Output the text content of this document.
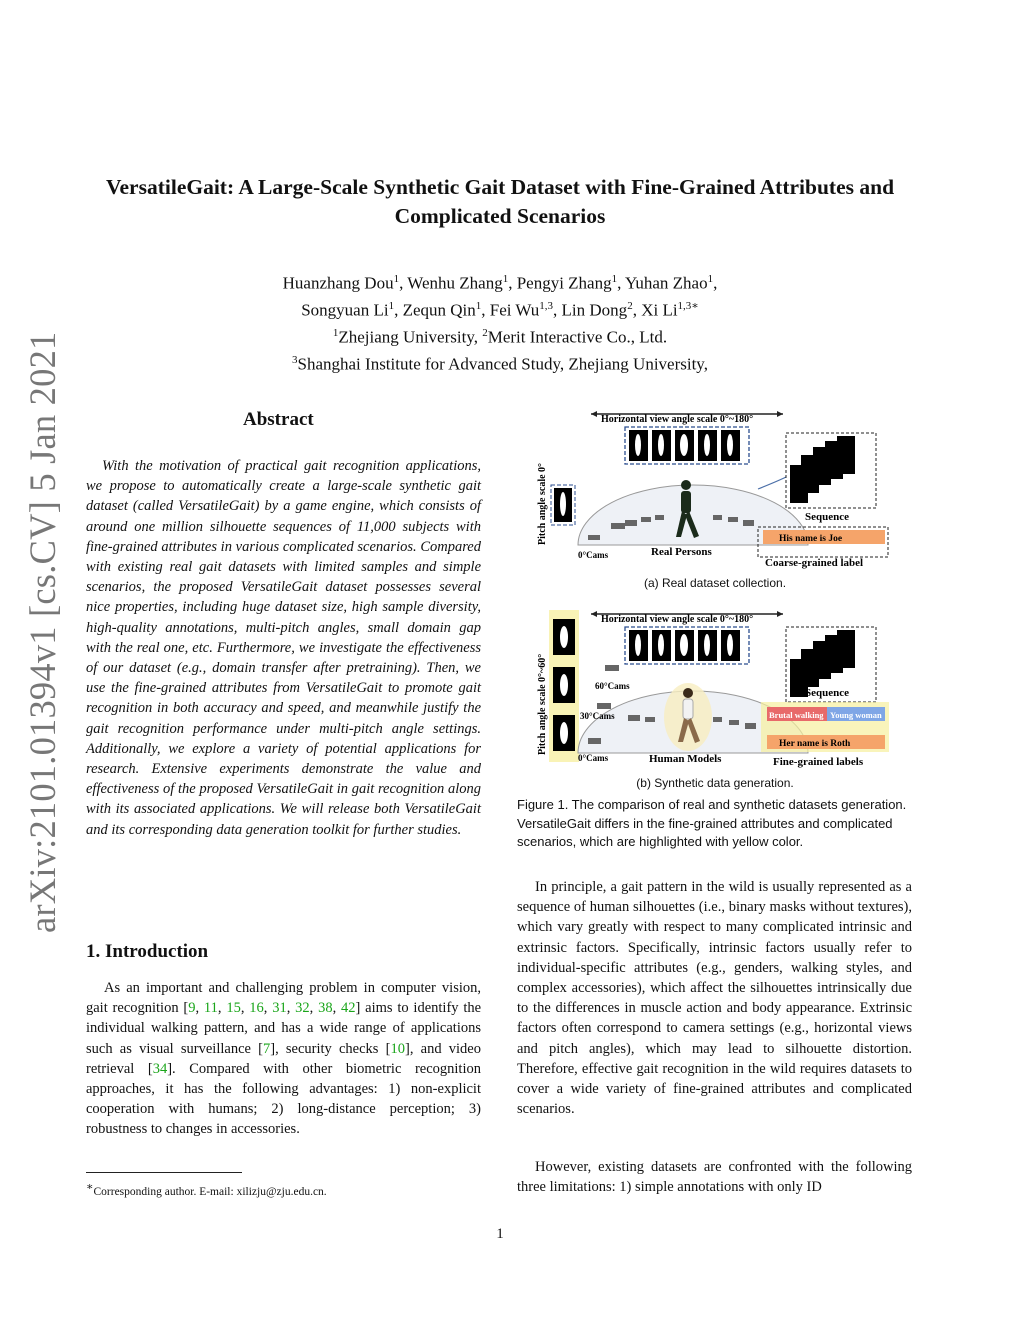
VersatileGait: A Large-Scale Synthetic Gait Dataset with Fine-Grained Attributes and Complicated Scenarios
Huanzhang Dou$^1$, Wenhu Zhang$^1$, Pengyi Zhang$^1$, Yuhan Zhao$^1$,
Songyuan Li$^1$, Zequn Qin$^1$, Fei Wu$^{1,3}$, Lin Dong$^2$, Xi $Li^{1,3∗}$
$^1$Zhejiang University, $^2$Merit Interactive Co., Ltd.
$^3$Shanghai Institute for Advanced Study, Zhejiang University,
arXiv:2101.01394v1 [cs.CV] 5 Jan 2021	Abstract
With the motivation of practical gait recognition applications, we propose to automatically create a large-scale synthetic gait dataset (called VersatileGait) by a game engine, which consists of around one million silhouette sequences of 11,000 subjects with fine-grained attributes in various complicated scenarios. Compared with existing real gait datasets with limited samples and simple scenarios, the proposed VersatileGait dataset possesses several nice properties, including huge dataset size, high sample diversity, high-quality annotations, multi-pitch angles, small domain gap with the real one, etc. Furthermore, we investigate the effectiveness of our dataset (e.g., domain transfer after pretraining). Then, we use the fine-grained attributes from VersatileGait to promote gait recognition in both accuracy and speed, and meanwhile justify the gait recognition performance under multi-pitch angle settings. Additionally, we explore a variety of potential applications for research. Extensive experiments demonstrate the value and effectiveness of the proposed VersatileGait in gait recognition along with its associated applications. We will release both VersatileGait and its corresponding data generation toolkit for further studies.
1. Introduction
As an important and challenging problem in computer vision, gait recognition [9, 11, 15, 16, 31, 32, 38, 42] aims to identify the individual walking pattern, and has a wide range of applications such as visual surveillance [7], security checks [10], and video retrieval [34]. Compared with other biometric recognition approaches, it has the following advantages: 1) non-explicit cooperation with humans; 2) long-distance perception; 3) robustness to changes in accessories.
∗Corresponding author. E-mail: xilizju@zju.edu.cn.
Horizontal view angle scale 0°~180°
Pitch angle scale 0°
0°Cams	Real Persons
Sequence
His name is Joe
Coarse-grained label
(a) Real dataset collection.
Horizontal view angle scale 0°~180°
Pitch angle scale 0°~60°	60°Cams
30°Cams
0°Cams	Human Models
Sequence
Brutal walking Young woman
Her name is Roth
Fine-grained labels
(b) Synthetic data generation.
Figure 1. The comparison of real and synthetic datasets generation. VersatileGait differs in the fine-grained attributes and complicated scenarios, which are highlighted with yellow color.
In principle, a gait pattern in the wild is usually represented as a sequence of human silhouettes (i.e., binary masks without textures), which vary greatly with respect to many complicated intrinsic and extrinsic factors. Specifically, intrinsic factors usually refer to individual-specific attributes (e.g., genders, walking styles, and complex accessories), which affect the silhouettes intrinsically due to the differences in muscle action and body appearance. Extrinsic factors often correspond to camera settings (e.g., horizontal views and pitch angles), which may lead to silhouette distortion. Therefore, effective gait recognition in the wild requires datasets to cover a wide variety of fine-grained attributes and complicated scenarios.
However, existing datasets are confronted with the following three limitations: 1) simple annotations with only ID
1
